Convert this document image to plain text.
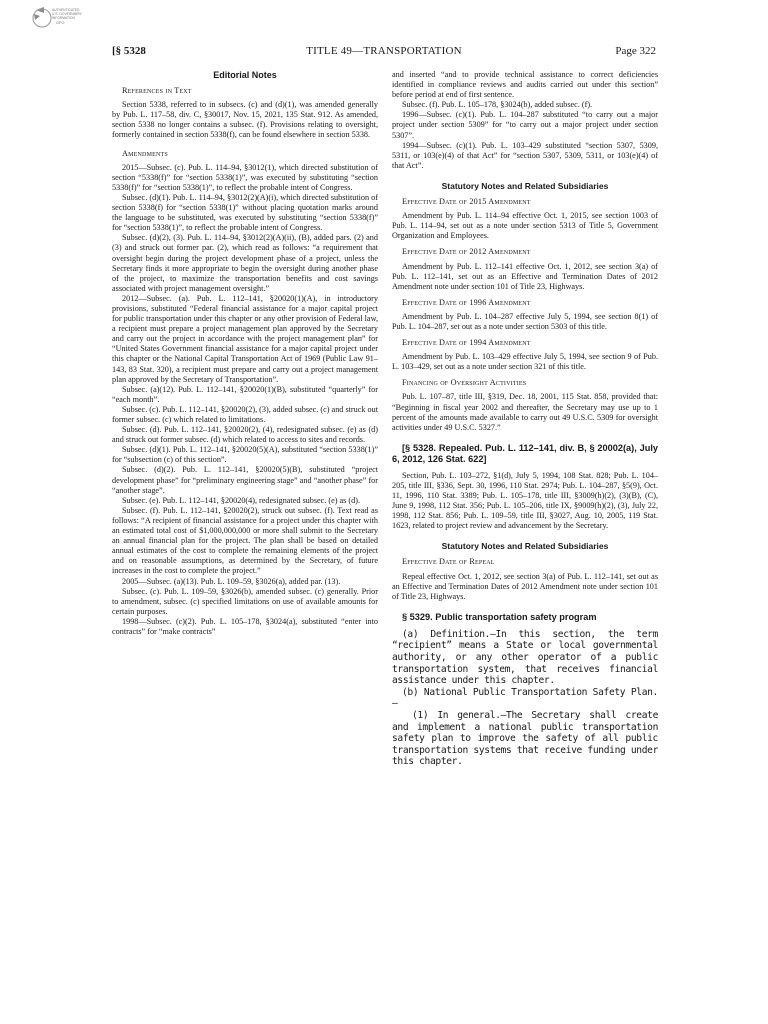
AUTHENTICATED
U.S. GOVERNMENT
INFORMATION
GPO
[§ 5328	TITLE 49—TRANSPORTATION	Page 322
Editorial Notes

References in Text

Section 5338, referred to in subsecs. (c) and (d)(1), was amended generally by Pub. L. 117–58, div. C, §30017, Nov. 15, 2021, 135 Stat. 912. As amended, section 5338 no longer contains a subsec. (f). Provisions relating to oversight, formerly contained in section 5338(f), can be found elsewhere in section 5338.

Amendments

2015—Subsec. (c). Pub. L. 114–94, §3012(1), which directed substitution of section “5338(f)” for “section 5338(1)”, was executed by substituting “section 5338(f)” for “section 5338(1)”, to reflect the probable intent of Congress.

Subsec. (d)(1). Pub. L. 114–94, §3012(2)(A)(i), which directed substitution of section 5338(f) for “section 5338(1)” without placing quotation marks around the language to be substituted, was executed by substituting “section 5338(f)” for “section 5338(1)”, to reflect the probable intent of Congress.

Subsec. (d)(2), (3). Pub. L. 114–94, §3012(2)(A)(ii), (B), added pars. (2) and (3) and struck out former par. (2), which read as follows: “a requirement that oversight begin during the project development phase of a project, unless the Secretary finds it more appropriate to begin the oversight during another phase of the project, to maximize the transportation benefits and cost savings associated with project management oversight.”

2012—Subsec. (a). Pub. L. 112–141, §20020(1)(A), in introductory provisions, substituted “Federal financial assistance for a major capital project for public transportation under this chapter or any other provision of Federal law, a recipient must prepare a project management plan approved by the Secretary and carry out the project in accordance with the project management plan” for “United States Government financial assistance for a major capital project under this chapter or the National Capital Transportation Act of 1969 (Public Law 91–143, 83 Stat. 320), a recipient must prepare and carry out a project management plan approved by the Secretary of Transportation”.

Subsec. (a)(12). Pub. L. 112–141, §20020(1)(B), substituted “quarterly” for “each month”.

Subsec. (c). Pub. L. 112–141, §20020(2), (3), added subsec. (c) and struck out former subsec. (c) which related to limitations.

Subsec. (d). Pub. L. 112–141, §20020(2), (4), redesignated subsec. (e) as (d) and struck out former subsec. (d) which related to access to sites and records.

Subsec. (d)(1). Pub. L. 112–141, §20020(5)(A), substituted “section 5338(1)” for “subsection (c) of this section”.

Subsec. (d)(2). Pub. L. 112–141, §20020(5)(B), substituted “project development phase” for “preliminary engineering stage” and “another phase” for “another stage”.

Subsec. (e). Pub. L. 112–141, §20020(4), redesignated subsec. (e) as (d).

Subsec. (f). Pub. L. 112–141, §20020(2), struck out subsec. (f). Text read as follows: “A recipient of financial assistance for a project under this chapter with an estimated total cost of $1,000,000,000 or more shall submit to the Secretary an annual financial plan for the project. The plan shall be based on detailed annual estimates of the cost to complete the remaining elements of the project and on reasonable assumptions, as determined by the Secretary, of future increases in the cost to complete the project.”

2005—Subsec. (a)(13). Pub. L. 109–59, §3026(a), added par. (13).

Subsec. (c). Pub. L. 109–59, §3026(b), amended subsec. (c) generally. Prior to amendment, subsec. (c) specified limitations on use of available amounts for certain purposes.

1998—Subsec. (c)(2). Pub. L. 105–178, §3024(a), substituted “enter into contracts” for “make contracts”

and inserted “and to provide technical assistance to correct deficiencies identified in compliance reviews and audits carried out under this section” before period at end of first sentence.

Subsec. (f). Pub. L. 105–178, §3024(b), added subsec. (f).

1996—Subsec. (c)(1). Pub. L. 104–287 substituted “to carry out a major project under section 5309” for “to carry out a major project under section 5307”.

1994—Subsec. (c)(1). Pub. L. 103–429 substituted “section 5307, 5309, 5311, or 103(e)(4) of that Act” for “section 5307, 5309, 5311, or 103(e)(4) of that Act”.

Statutory Notes and Related Subsidiaries

Effective Date of 2015 Amendment

Amendment by Pub. L. 114–94 effective Oct. 1, 2015, see section 1003 of Pub. L. 114–94, set out as a note under section 5313 of Title 5, Government Organization and Employees.

Effective Date of 2012 Amendment

Amendment by Pub. L. 112–141 effective Oct. 1, 2012, see section 3(a) of Pub. L. 112–141, set out as an Effective and Termination Dates of 2012 Amendment note under section 101 of Title 23, Highways.

Effective Date of 1996 Amendment

Amendment by Pub. L. 104–287 effective July 5, 1994, see section 8(1) of Pub. L. 104–287, set out as a note under section 5303 of this title.

Effective Date of 1994 Amendment

Amendment by Pub. L. 103–429 effective July 5, 1994, see section 9 of Pub. L. 103–429, set out as a note under section 321 of this title.

Financing of Oversight Activities

Pub. L. 107–87, title III, §319, Dec. 18, 2001, 115 Stat. 858, provided that: “Beginning in fiscal year 2002 and thereafter, the Secretary may use up to 1 percent of the amounts made available to carry out 49 U.S.C. 5309 for oversight activities under 49 U.S.C. 5327.”

[§ 5328. Repealed. Pub. L. 112–141, div. B, § 20002(a), July 6, 2012, 126 Stat. 622]

Section, Pub. L. 103–272, §1(d), July 5, 1994, 108 Stat. 828; Pub. L. 104–205, title III, §336, Sept. 30, 1996, 110 Stat. 2974; Pub. L. 104–287, §5(9), Oct. 11, 1996, 110 Stat. 3389; Pub. L. 105–178, title III, §3009(h)(2), (3)(B), (C), June 9, 1998, 112 Stat. 356; Pub. L. 105–206, title IX, §9009(h)(2), (3), July 22, 1998, 112 Stat. 856; Pub. L. 109–59, title III, §3027, Aug. 10, 2005, 119 Stat. 1623, related to project review and advancement by the Secretary.

Statutory Notes and Related Subsidiaries

Effective Date of Repeal

Repeal effective Oct. 1, 2012, see section 3(a) of Pub. L. 112–141, set out as an Effective and Termination Dates of 2012 Amendment note under section 101 of Title 23, Highways.

§ 5329. Public transportation safety program

(a) Definition.—In this section, the term “recipient” means a State or local governmental authority, or any other operator of a public transportation system, that receives financial assistance under this chapter.

(b) National Public Transportation Safety Plan.—

(1) In general.—The Secretary shall create and implement a national public transportation safety plan to improve the safety of all public transportation systems that receive funding under this chapter.
